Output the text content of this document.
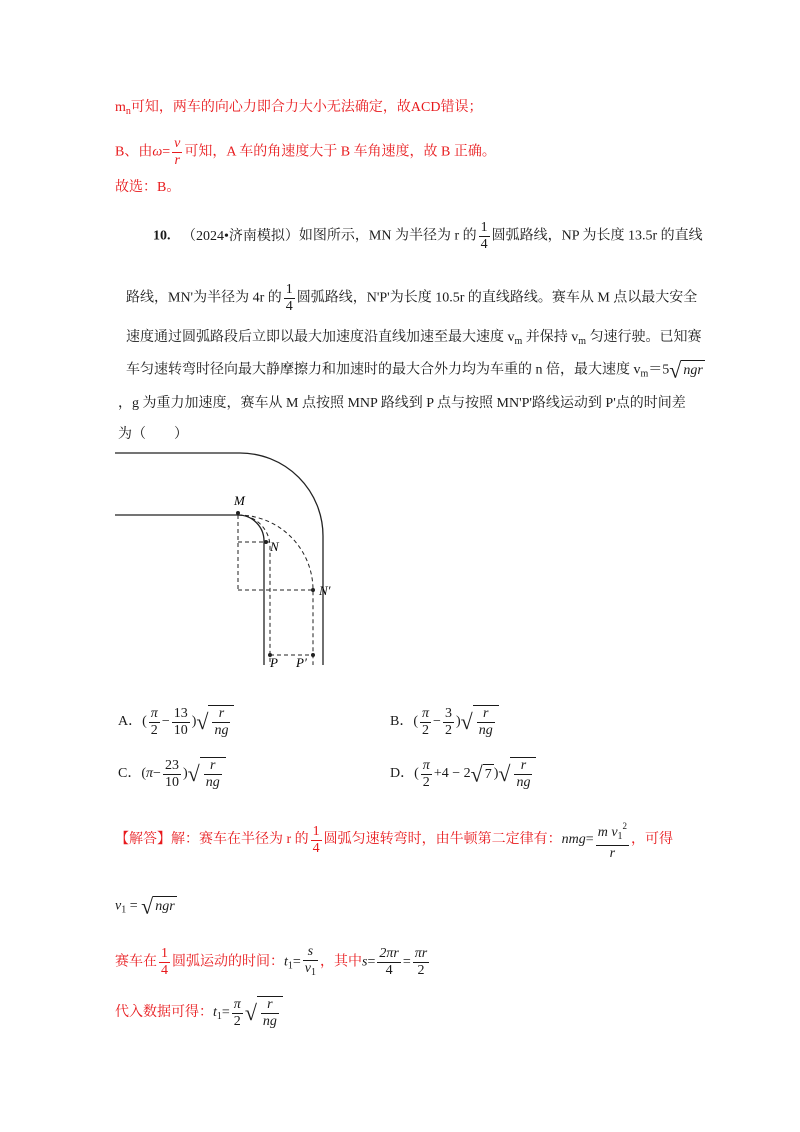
$m_n$可知，两车的向心力即合力大小无法确定，故ACD错误；
B、由$\omega= \frac{v}{r}$ 可知，A 车的角速度大于 B 车角速度，故 B 正确。
故选：B。
10. （2024•济南模拟）如图所示，MN 为半径为 r 的 $\frac{1}{4}$ 圆弧路线，NP 为长度 13.5r 的直线
路线，MN'为半径为 4r 的 $\frac{1}{4}$ 圆弧路线，N'P'为长度 10.5r 的直线路线。赛车从 M 点以最大安全
速度通过圆弧路段后立即以最大加速度沿直线加速至最大速度 $v_m$ 并保持 $v_m$ 匀速行驶。已知赛
车匀速转弯时径向最大静摩擦力和加速时的最大合外力均为车重的 n 倍，最大速度 $v_m=5√$ ngr
，g 为重力加速度，赛车从 M 点按照 MNP 路线到 P 点与按照 MN'P'路线运动到 P'点的时间差
为（　　）
M
N
N′
P P′
A．( $\frac{\pi}{2} - \frac{13}{10}$ )√ $\frac{r}{ng}$	B．( $\frac{\pi}{2} - \frac{3}{2}$ )√ $\frac{r}{ng}$
C．($\pi- \frac{23}{10}$ )√ $\frac{r}{ng}$	D．( $\frac{\pi}{2} +4 - 2√$ 7 )√ $\frac{r}{ng}$
【解答】解：赛车在半径为 r 的 $\frac{1}{4}$ 圆弧匀速转弯时，由牛顿第二定律有：$nmg= \frac{m v_1^2}{r}$ ，可得
$v_1$ = √ ngr
赛车在 $\frac{1}{4}$ 圆弧运动的时间：$t_1= \frac{s}{v_1}$ ，其中$s= \frac{2\pi r}{4} = \frac{\pi r}{2}$
代入数据可得：$t_1= \frac{\pi}{2}$ √ $\frac{r}{ng}$
